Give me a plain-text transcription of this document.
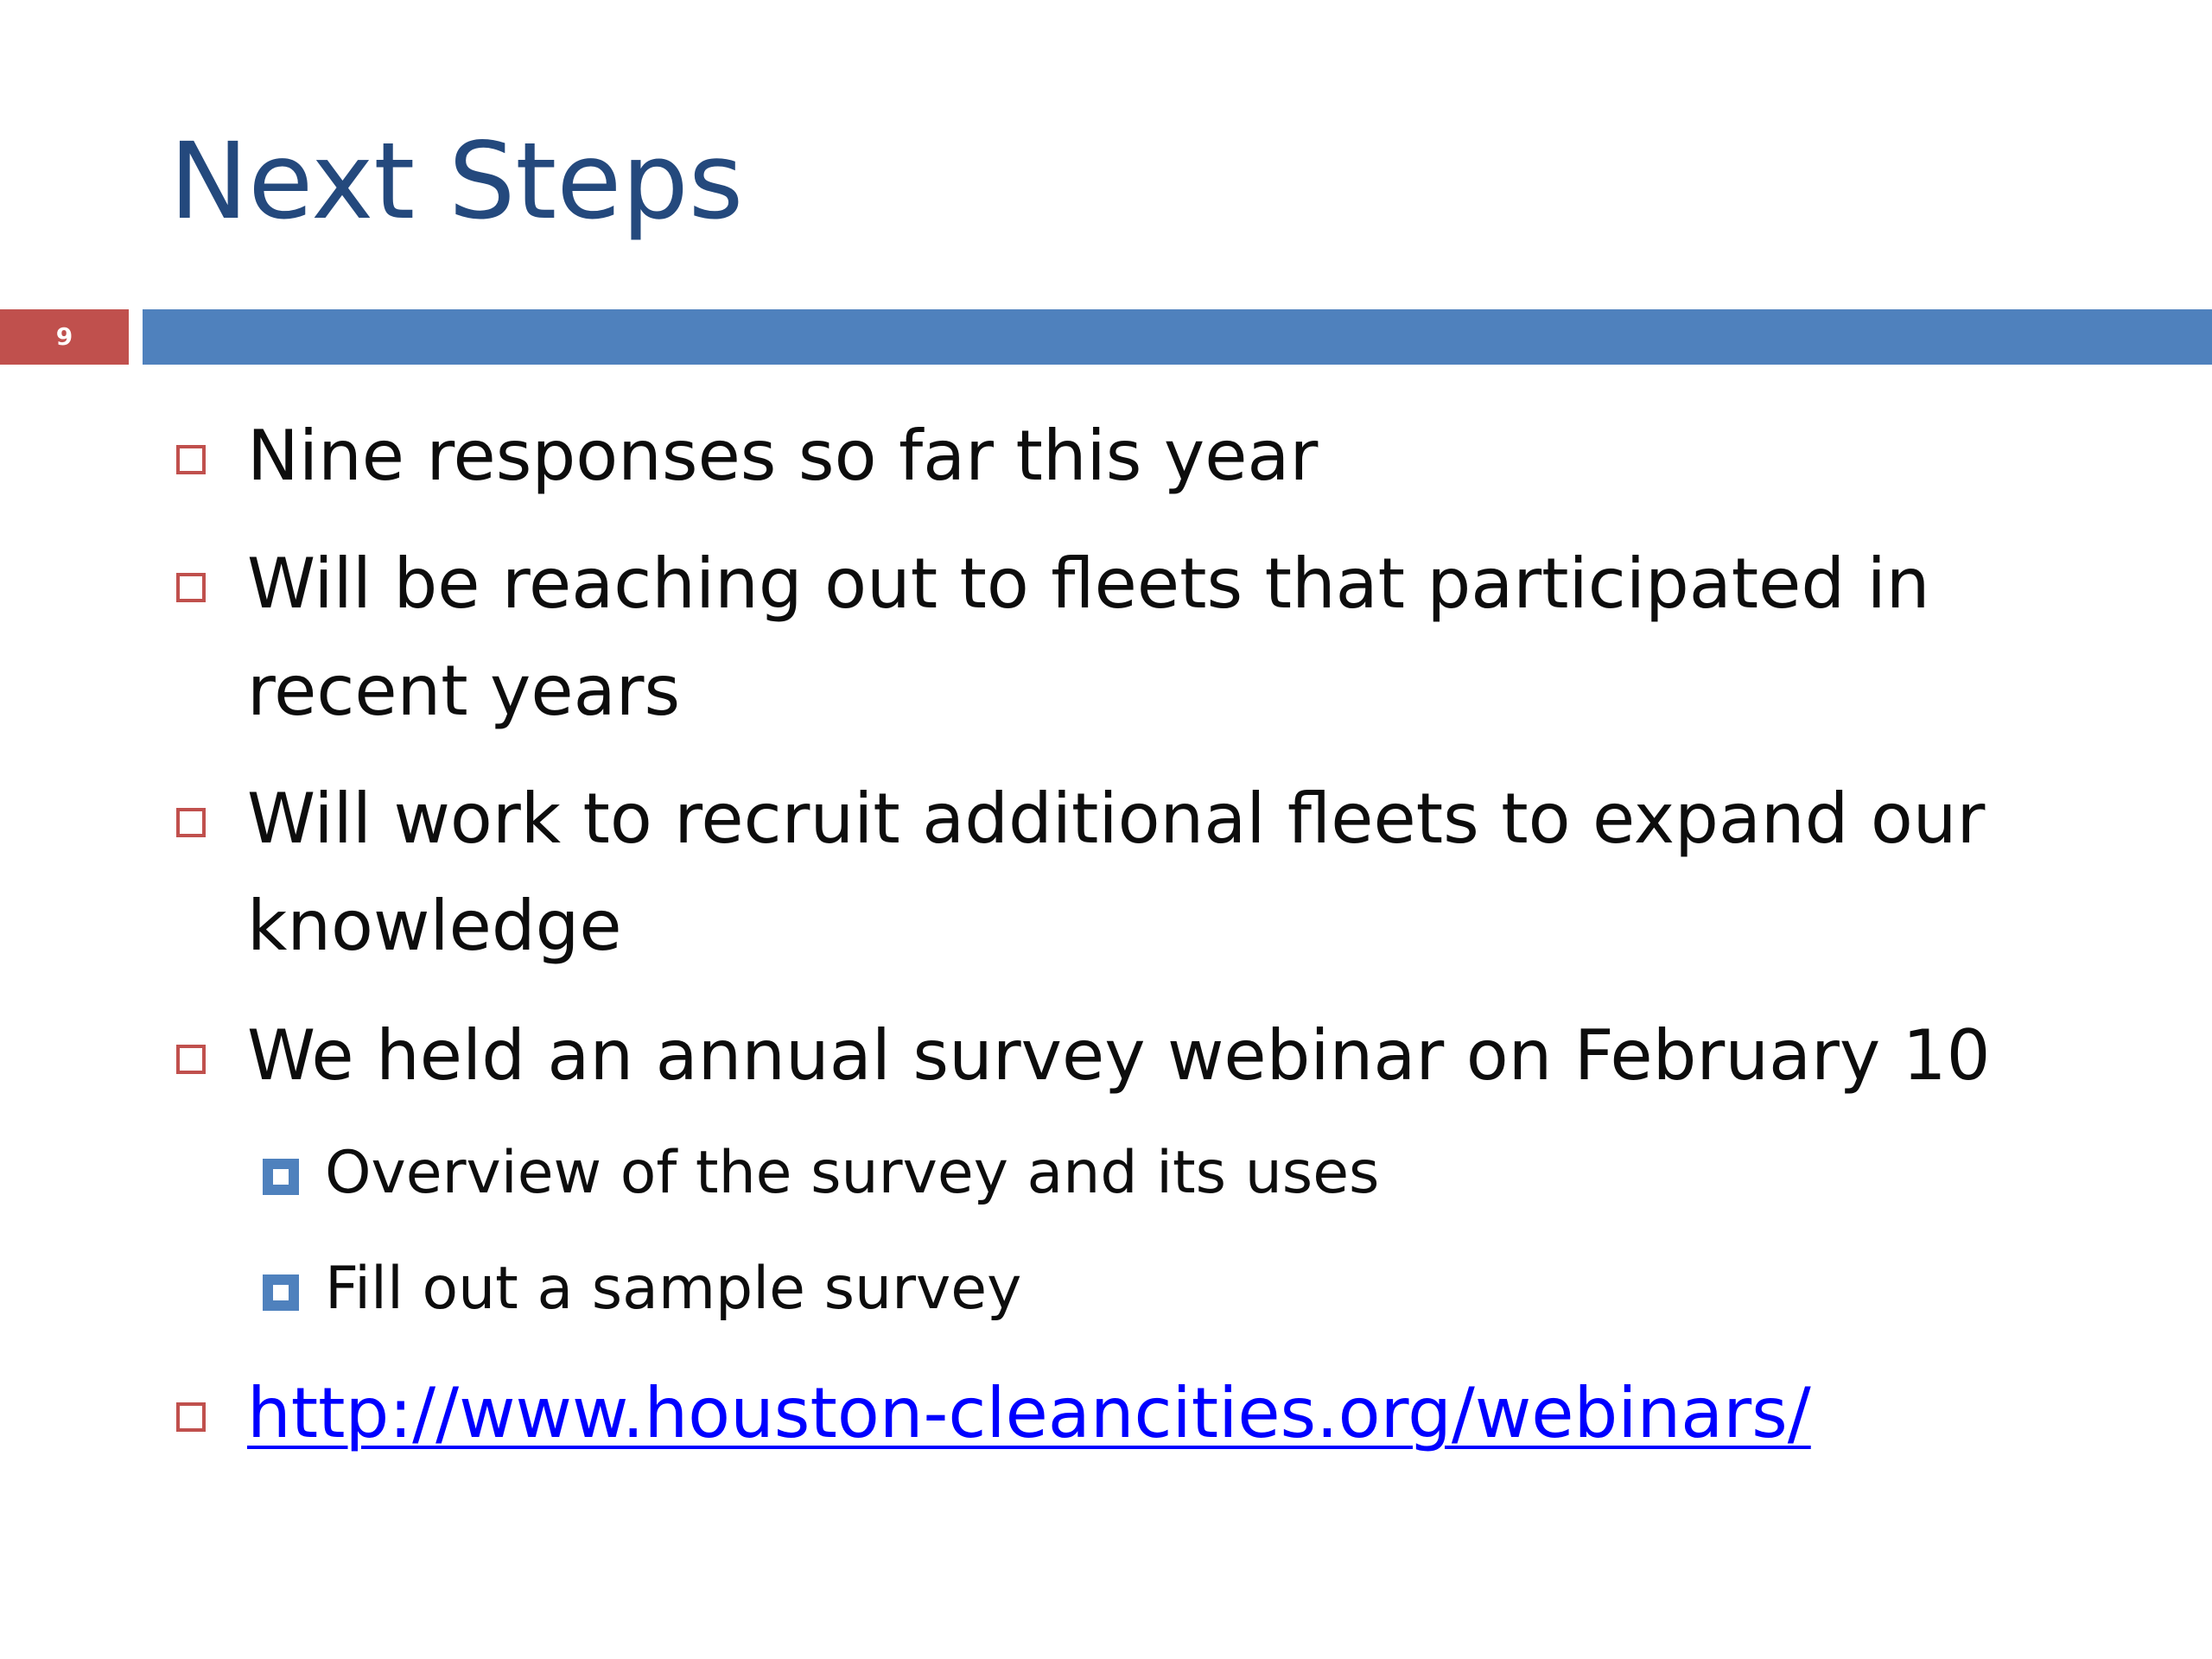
Next Steps
9
Nine responses so far this year
Will be reaching out to fleets that participated in
recent years
Will work to recruit additional fleets to expand our
knowledge
We held an annual survey webinar on February 10
Overview of the survey and its uses
Fill out a sample survey
http://www.houston-cleancities.org/webinars/
